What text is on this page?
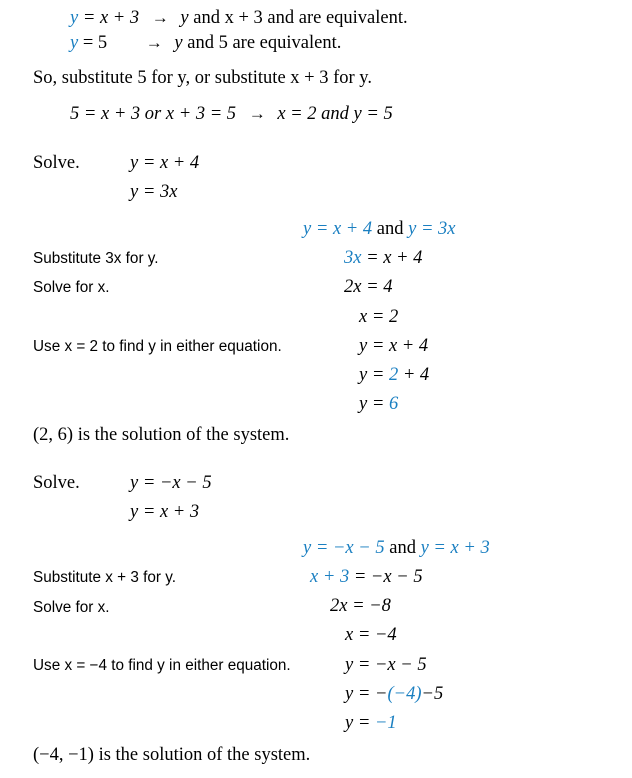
y = x + 3 → y and x + 3 and are equivalent.
y = 5 → y and 5 are equivalent.
So, substitute 5 for y, or substitute x + 3 for y.
5 = x + 3 or x + 3 = 5 → x = 2 and y = 5
Solve.	y = x + 4
y = 3x
y = x + 4 and y = 3x
Substitute 3x for y.
Solve for x.
Use x = 2 to find y in either equation.
3x = x + 4
2x = 4
x = 2
y = x + 4
y = 2 + 4
y = 6
(2, 6) is the solution of the system.
Solve.	y = −x − 5
y = x + 3
y = −x − 5 and y = x + 3
Substitute x + 3 for y.
Solve for x.
Use x = −4 to find y in either equation.
x + 3 = −x − 5
2x = −8
x = −4
y = −x − 5
y = −(−4)−5
y = −1
(−4, −1) is the solution of the system.
